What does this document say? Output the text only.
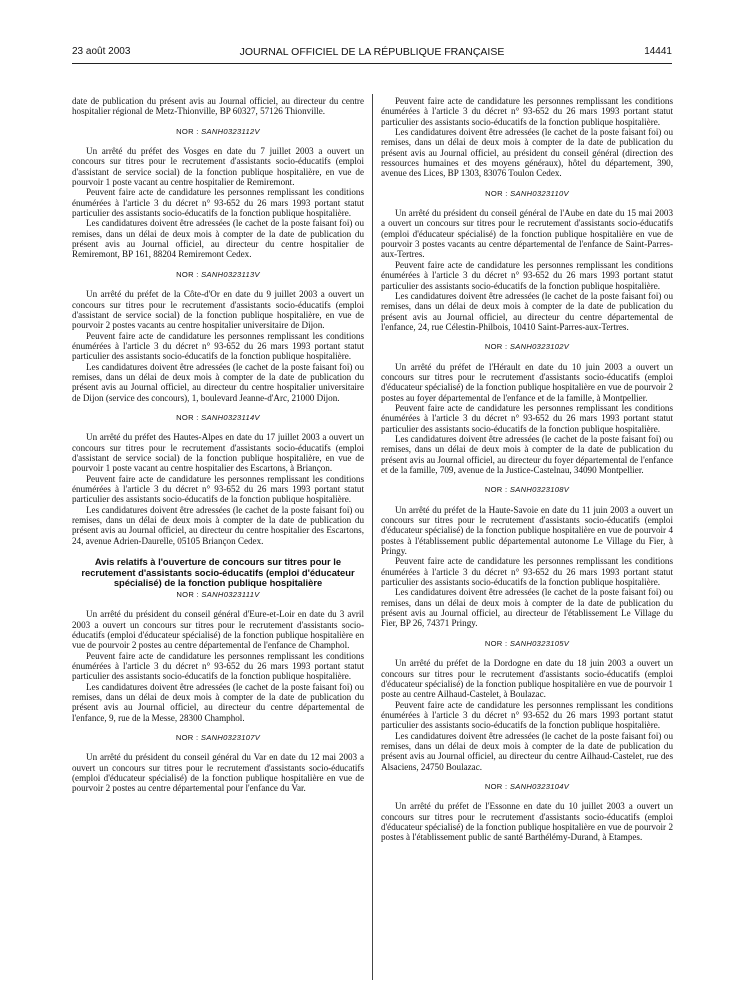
23 août 2003	JOURNAL OFFICIEL DE LA RÉPUBLIQUE FRANÇAISE	14441

date de publication du présent avis au Journal officiel, au directeur du centre hospitalier régional de Metz-Thionville, BP 60327, 57126 Thionville.

NOR : SANH0323112V

Un arrêté du préfet des Vosges en date du 7 juillet 2003 a ouvert un concours sur titres pour le recrutement d'assistants socio-éducatifs (emploi d'assistant de service social) de la fonction publique hospitalière, en vue de pourvoir 1 poste vacant au centre hospitalier de Remiremont.

Peuvent faire acte de candidature les personnes remplissant les conditions énumérées à l'article 3 du décret n° 93-652 du 26 mars 1993 portant statut particulier des assistants socio-éducatifs de la fonction publique hospitalière.

Les candidatures doivent être adressées (le cachet de la poste faisant foi) ou remises, dans un délai de deux mois à compter de la date de publication du présent avis au Journal officiel, au directeur du centre hospitalier de Remiremont, BP 161, 88204 Remiremont Cedex.

NOR : SANH0323113V

Un arrêté du préfet de la Côte-d'Or en date du 9 juillet 2003 a ouvert un concours sur titres pour le recrutement d'assistants socio-éducatifs (emploi d'assistant de service social) de la fonction publique hospitalière, en vue de pourvoir 2 postes vacants au centre hospitalier universitaire de Dijon.

Peuvent faire acte de candidature les personnes remplissant les conditions énumérées à l'article 3 du décret n° 93-652 du 26 mars 1993 portant statut particulier des assistants socio-éducatifs de la fonction publique hospitalière.

Les candidatures doivent être adressées (le cachet de la poste faisant foi) ou remises, dans un délai de deux mois à compter de la date de publication du présent avis au Journal officiel, au directeur du centre hospitalier universitaire de Dijon (service des concours), 1, boulevard Jeanne-d'Arc, 21000 Dijon.

NOR : SANH0323114V

Un arrêté du préfet des Hautes-Alpes en date du 17 juillet 2003 a ouvert un concours sur titres pour le recrutement d'assistants socio-éducatifs (emploi d'assistant de service social) de la fonction publique hospitalière, en vue de pourvoir 1 poste vacant au centre hospitalier des Escartons, à Briançon.

Peuvent faire acte de candidature les personnes remplissant les conditions énumérées à l'article 3 du décret n° 93-652 du 26 mars 1993 portant statut particulier des assistants socio-éducatifs de la fonction publique hospitalière.

Les candidatures doivent être adressées (le cachet de la poste faisant foi) ou remises, dans un délai de deux mois à compter de la date de publication du présent avis au Journal officiel, au directeur du centre hospitalier des Escartons, 24, avenue Adrien-Daurelle, 05105 Briançon Cedex.

Avis relatifs à l'ouverture de concours sur titres pour le recrutement d'assistants socio-éducatifs (emploi d'éducateur spécialisé) de la fonction publique hospitalière
NOR : SANH0323111V

Un arrêté du président du conseil général d'Eure-et-Loir en date du 3 avril 2003 a ouvert un concours sur titres pour le recrutement d'assistants socio-éducatifs (emploi d'éducateur spécialisé) de la fonction publique hospitalière en vue de pourvoir 2 postes au centre départemental de l'enfance de Champhol.

Peuvent faire acte de candidature les personnes remplissant les conditions énumérées à l'article 3 du décret n° 93-652 du 26 mars 1993 portant statut particulier des assistants socio-éducatifs de la fonction publique hospitalière.

Les candidatures doivent être adressées (le cachet de la poste faisant foi) ou remises, dans un délai de deux mois à compter de la date de publication du présent avis au Journal officiel, au directeur du centre départemental de l'enfance, 9, rue de la Messe, 28300 Champhol.

NOR : SANH0323107V

Un arrêté du président du conseil général du Var en date du 12 mai 2003 a ouvert un concours sur titres pour le recrutement d'assistants socio-éducatifs (emploi d'éducateur spécialisé) de la fonction publique hospitalière en vue de pourvoir 2 postes au centre départemental pour l'enfance du Var.

Peuvent faire acte de candidature les personnes remplissant les conditions énumérées à l'article 3 du décret n° 93-652 du 26 mars 1993 portant statut particulier des assistants socio-éducatifs de la fonction publique hospitalière.

Les candidatures doivent être adressées (le cachet de la poste faisant foi) ou remises, dans un délai de deux mois à compter de la date de publication du présent avis au Journal officiel, au président du conseil général (direction des ressources humaines et des moyens généraux), hôtel du département, 390, avenue des Lices, BP 1303, 83076 Toulon Cedex.

NOR : SANH0323110V

Un arrêté du président du conseil général de l'Aube en date du 15 mai 2003 a ouvert un concours sur titres pour le recrutement d'assistants socio-éducatifs (emploi d'éducateur spécialisé) de la fonction publique hospitalière en vue de pourvoir 3 postes vacants au centre départemental de l'enfance de Saint-Parres-aux-Tertres.

Peuvent faire acte de candidature les personnes remplissant les conditions énumérées à l'article 3 du décret n° 93-652 du 26 mars 1993 portant statut particulier des assistants socio-éducatifs de la fonction publique hospitalière.

Les candidatures doivent être adressées (le cachet de la poste faisant foi) ou remises, dans un délai de deux mois à compter de la date de publication du présent avis au Journal officiel, au directeur du centre départemental de l'enfance, 24, rue Célestin-Philbois, 10410 Saint-Parres-aux-Tertres.

NOR : SANH0323102V

Un arrêté du préfet de l'Hérault en date du 10 juin 2003 a ouvert un concours sur titres pour le recrutement d'assistants socio-éducatifs (emploi d'éducateur spécialisé) de la fonction publique hospitalière en vue de pourvoir 2 postes au foyer départemental de l'enfance et de la famille, à Montpellier.

Peuvent faire acte de candidature les personnes remplissant les conditions énumérées à l'article 3 du décret n° 93-652 du 26 mars 1993 portant statut particulier des assistants socio-éducatifs de la fonction publique hospitalière.

Les candidatures doivent être adressées (le cachet de la poste faisant foi) ou remises, dans un délai de deux mois à compter de la date de publication du présent avis au Journal officiel, au directeur du foyer départemental de l'enfance et de la famille, 709, avenue de la Justice-Castelnau, 34090 Montpellier.

NOR : SANH0323108V

Un arrêté du préfet de la Haute-Savoie en date du 11 juin 2003 a ouvert un concours sur titres pour le recrutement d'assistants socio-éducatifs (emploi d'éducateur spécialisé) de la fonction publique hospitalière en vue de pourvoir 4 postes à l'établissement public départemental autonome Le Village du Fier, à Pringy.

Peuvent faire acte de candidature les personnes remplissant les conditions énumérées à l'article 3 du décret n° 93-652 du 26 mars 1993 portant statut particulier des assistants socio-éducatifs de la fonction publique hospitalière.

Les candidatures doivent être adressées (le cachet de la poste faisant foi) ou remises, dans un délai de deux mois à compter de la date de publication du présent avis au Journal officiel, au directeur de l'établissement Le Village du Fier, BP 26, 74371 Pringy.

NOR : SANH0323105V

Un arrêté du préfet de la Dordogne en date du 18 juin 2003 a ouvert un concours sur titres pour le recrutement d'assistants socio-éducatifs (emploi d'éducateur spécialisé) de la fonction publique hospitalière en vue de pourvoir 1 poste au centre Ailhaud-Castelet, à Boulazac.

Peuvent faire acte de candidature les personnes remplissant les conditions énumérées à l'article 3 du décret n° 93-652 du 26 mars 1993 portant statut particulier des assistants socio-éducatifs de la fonction publique hospitalière.

Les candidatures doivent être adressées (le cachet de la poste faisant foi) ou remises, dans un délai de deux mois à compter de la date de publication du présent avis au Journal officiel, au directeur du centre Ailhaud-Castelet, rue des Alsaciens, 24750 Boulazac.

NOR : SANH0323104V

Un arrêté du préfet de l'Essonne en date du 10 juillet 2003 a ouvert un concours sur titres pour le recrutement d'assistants socio-éducatifs (emploi d'éducateur spécialisé) de la fonction publique hospitalière en vue de pourvoir 2 postes à l'établissement public de santé Barthélémy-Durand, à Etampes.
